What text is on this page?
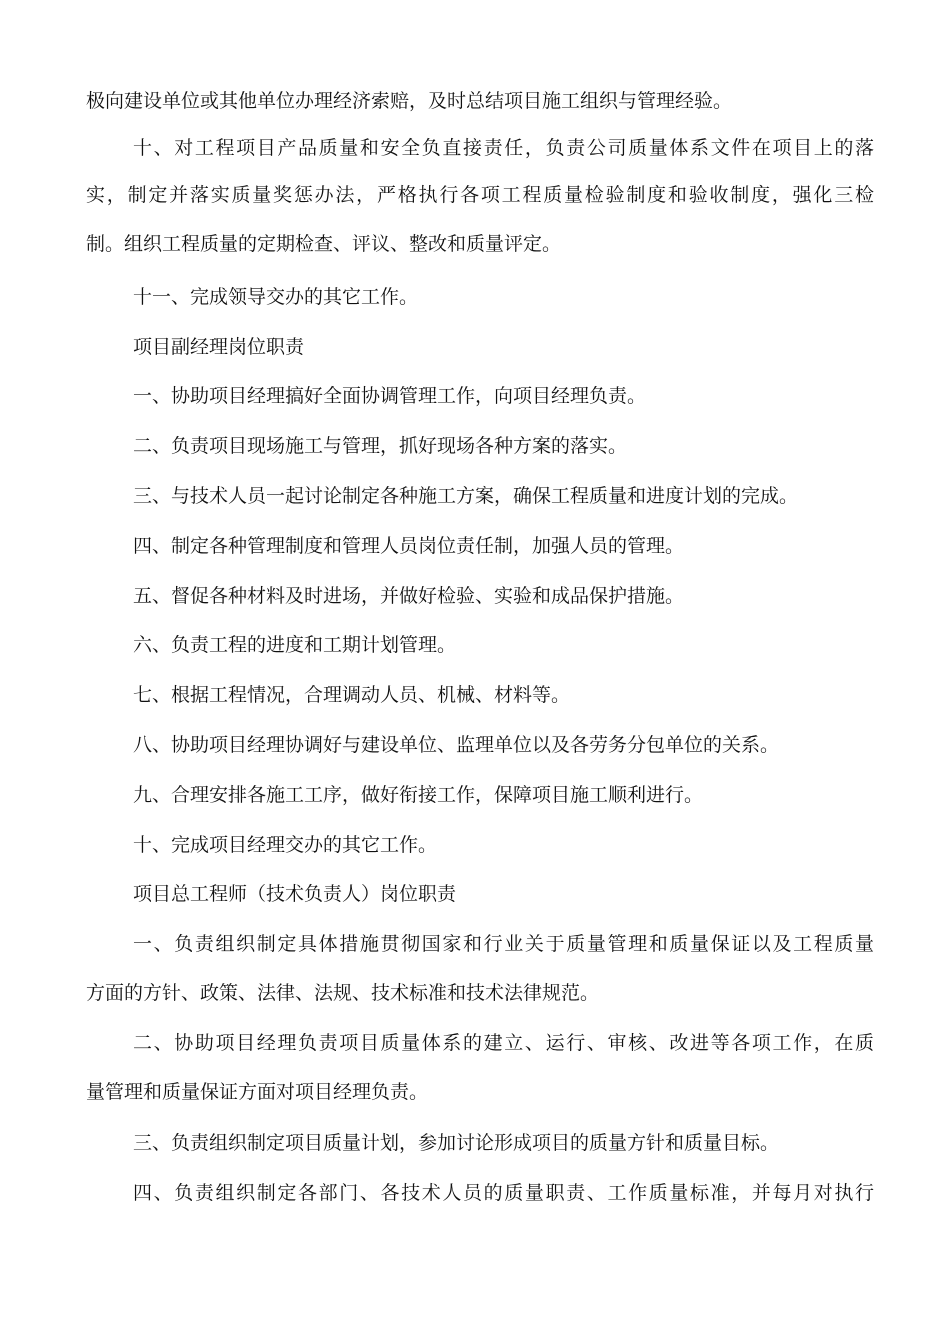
极向建设单位或其他单位办理经济索赔，及时总结项目施工组织与管理经验。
十、对工程项目产品质量和安全负直接责任，负责公司质量体系文件在项目上的落
实，制定并落实质量奖惩办法，严格执行各项工程质量检验制度和验收制度，强化三检
制。组织工程质量的定期检查、评议、整改和质量评定。
十一、完成领导交办的其它工作。
项目副经理岗位职责
一、协助项目经理搞好全面协调管理工作，向项目经理负责。
二、负责项目现场施工与管理，抓好现场各种方案的落实。
三、与技术人员一起讨论制定各种施工方案，确保工程质量和进度计划的完成。
四、制定各种管理制度和管理人员岗位责任制，加强人员的管理。
五、督促各种材料及时进场，并做好检验、实验和成品保护措施。
六、负责工程的进度和工期计划管理。
七、根据工程情况，合理调动人员、机械、材料等。
八、协助项目经理协调好与建设单位、监理单位以及各劳务分包单位的关系。
九、合理安排各施工工序，做好衔接工作，保障项目施工顺利进行。
十、完成项目经理交办的其它工作。
项目总工程师（技术负责人）岗位职责
一、负责组织制定具体措施贯彻国家和行业关于质量管理和质量保证以及工程质量
方面的方针、政策、法律、法规、技术标准和技术法律规范。
二、协助项目经理负责项目质量体系的建立、运行、审核、改进等各项工作，在质
量管理和质量保证方面对项目经理负责。
三、负责组织制定项目质量计划，参加讨论形成项目的质量方针和质量目标。
四、负责组织制定各部门、各技术人员的质量职责、工作质量标准，并每月对执行
